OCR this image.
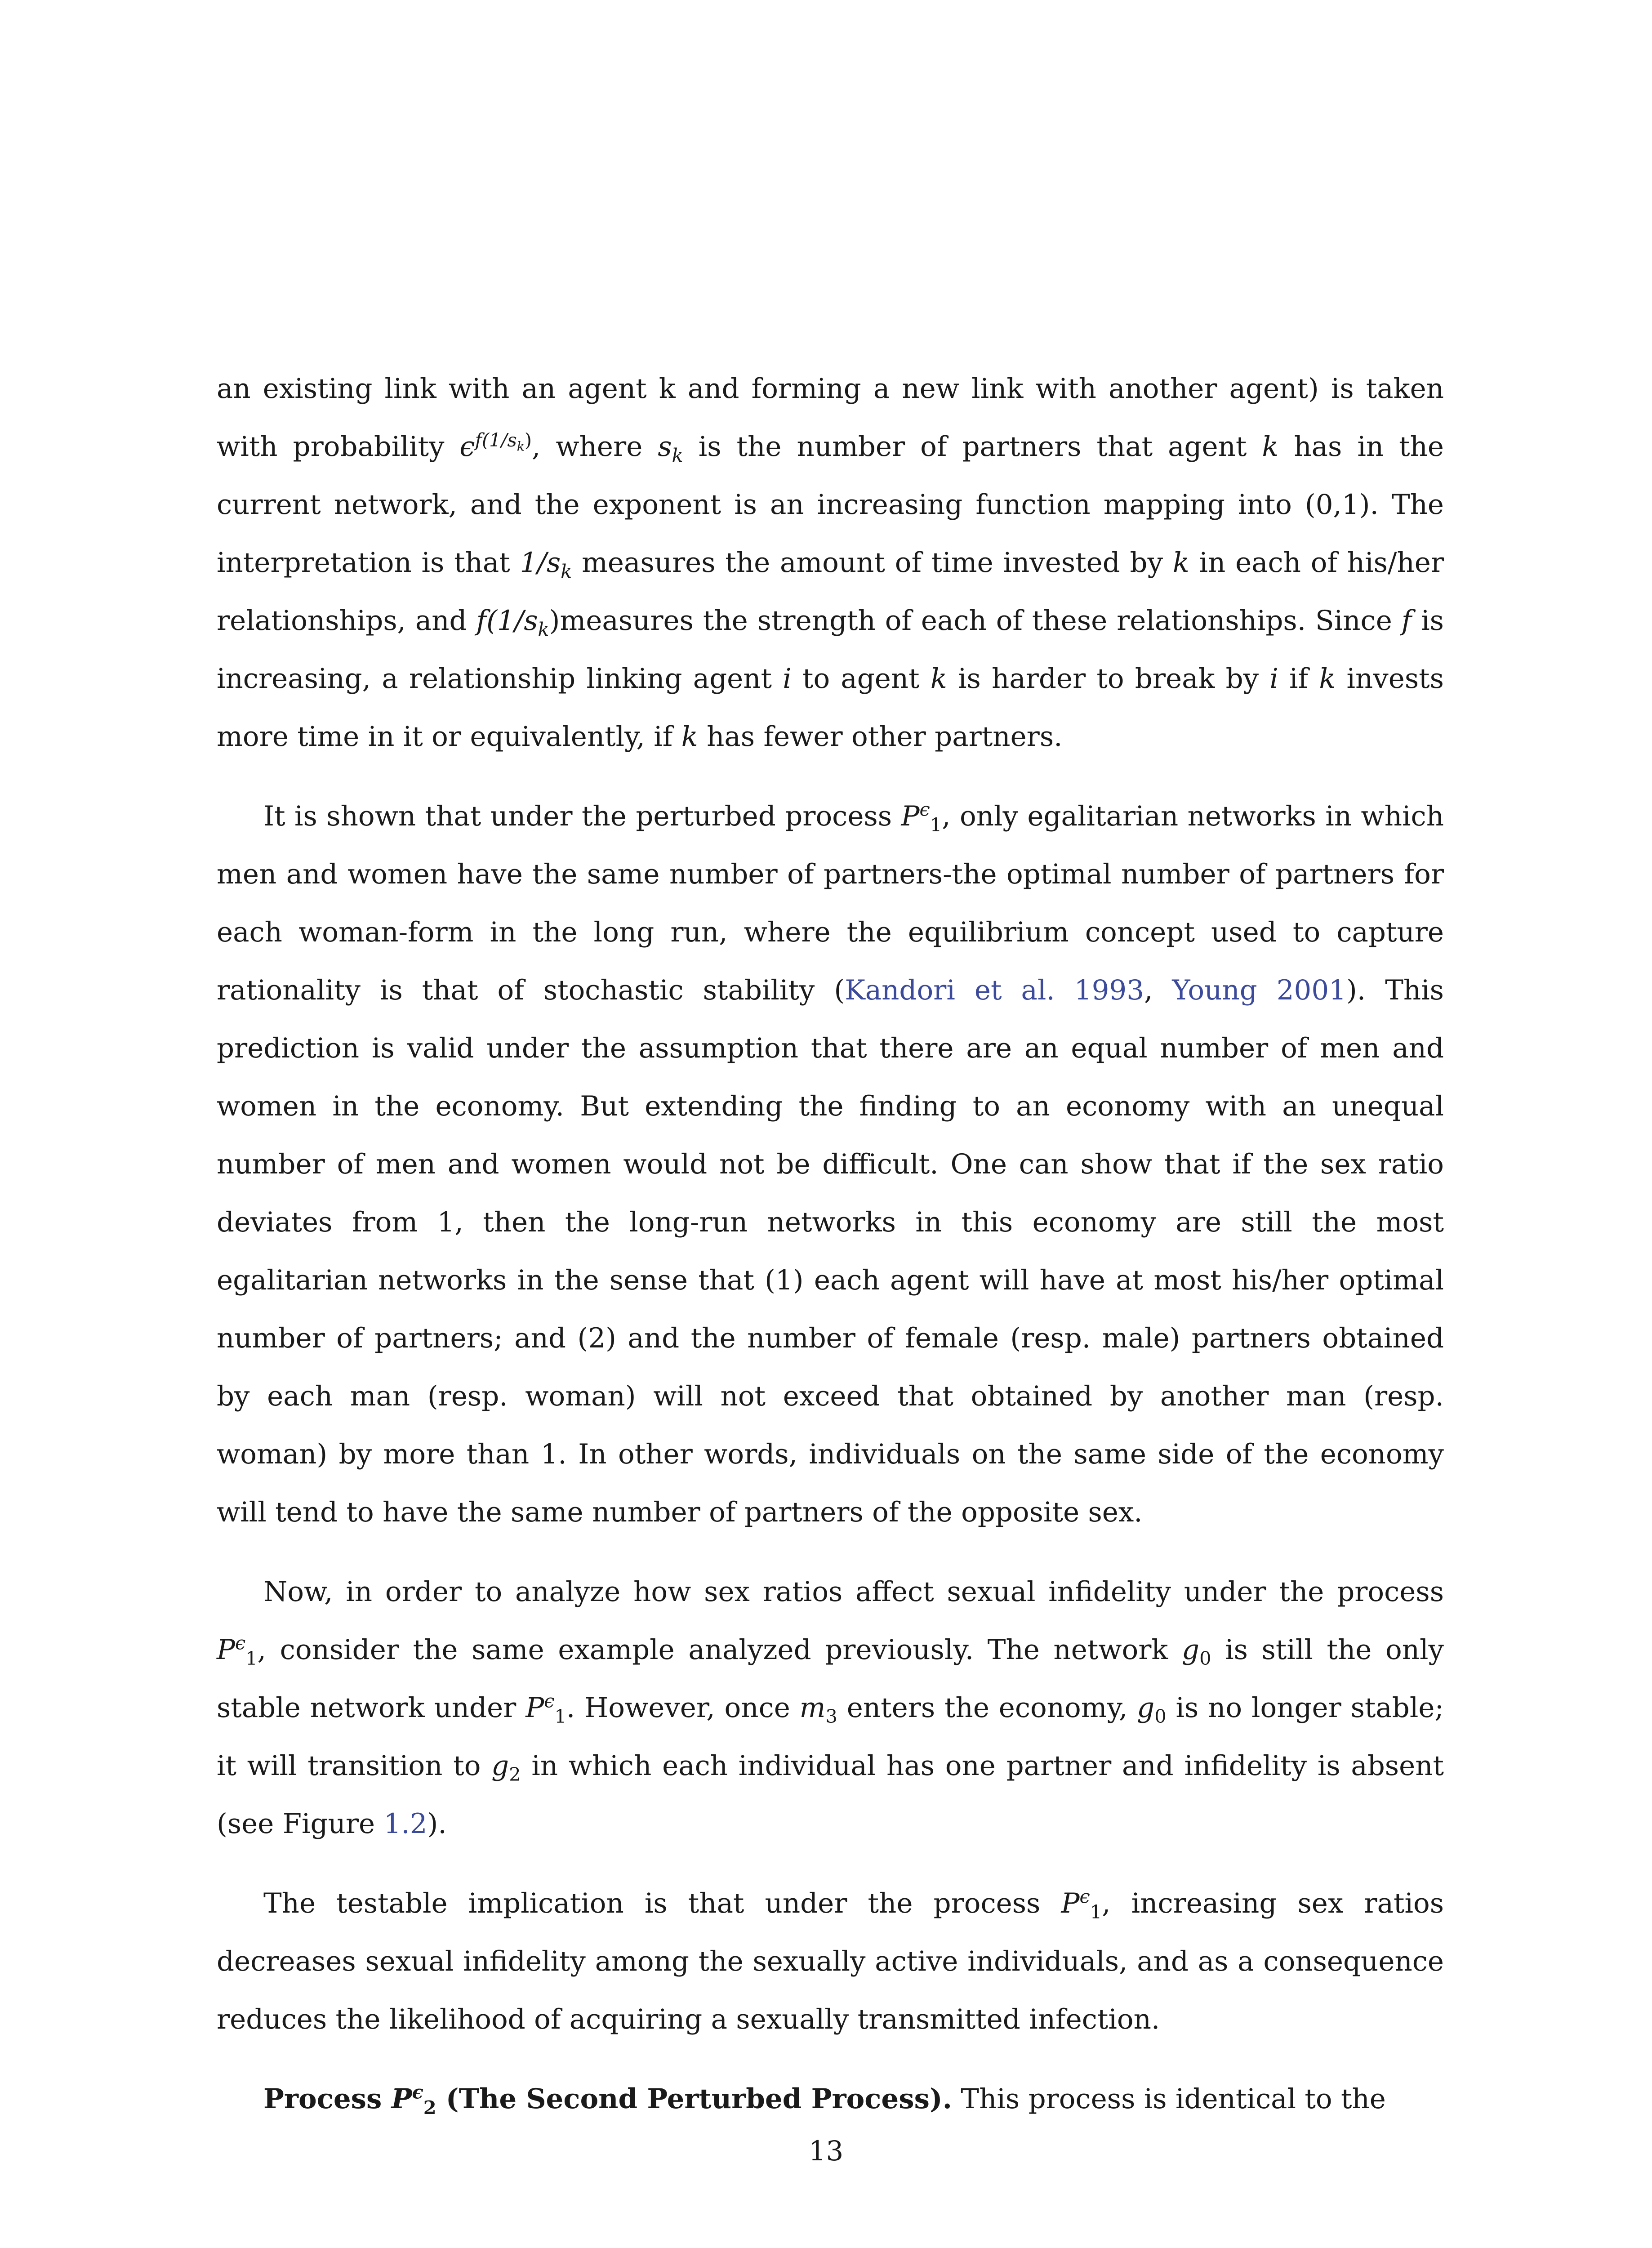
an existing link with an agent k and forming a new link with another agent) is taken with probability $\epsilon^{f(1/s_k)}$, where $s_k$ is the number of partners that agent k has in the current network, and the exponent is an increasing function mapping into (0,1). The interpretation is that $1/s_k$ measures the amount of time invested by k in each of his/her relationships, and $f(1/s_k)measures$ the strength of each of these relationships. Since f is increasing, a relationship linking agent i to agent k is harder to break by i if k invests more time in it or equivalently, if k has fewer other partners.

It is shown that under the perturbed process $P^\epsilon_1$, only egalitarian networks in which men and women have the same number of partners-the optimal number of partners for each woman-form in the long run, where the equilibrium concept used to capture rationality is that of stochastic stability (Kandori et al. 1993, Young 2001). This prediction is valid under the assumption that there are an equal number of men and women in the economy. But extending the finding to an economy with an unequal number of men and women would not be difficult. One can show that if the sex ratio deviates from 1, then the long-run networks in this economy are still the most egalitarian networks in the sense that (1) each agent will have at most his/her optimal number of partners; and (2) and the number of female (resp. male) partners obtained by each man (resp. woman) will not exceed that obtained by another man (resp. woman) by more than 1. In other words, individuals on the same side of the economy will tend to have the same number of partners of the opposite sex.

Now, in order to analyze how sex ratios affect sexual infidelity under the process $P^\epsilon_1$, consider the same example analyzed previously. The network $g_0$ is still the only stable network under $P^\epsilon_1$. However, once $m_3$ enters the economy, $g_0$ is no longer stable; it will transition to $g_2$ in which each individual has one partner and infidelity is absent (see Figure 1.2).

The testable implication is that under the process $P^\epsilon_1$, increasing sex ratios decreases sexual infidelity among the sexually active individuals, and as a consequence reduces the likelihood of acquiring a sexually transmitted infection.

Process $P^\epsilon_2$ (The Second Perturbed Process). This process is identical to the

13
